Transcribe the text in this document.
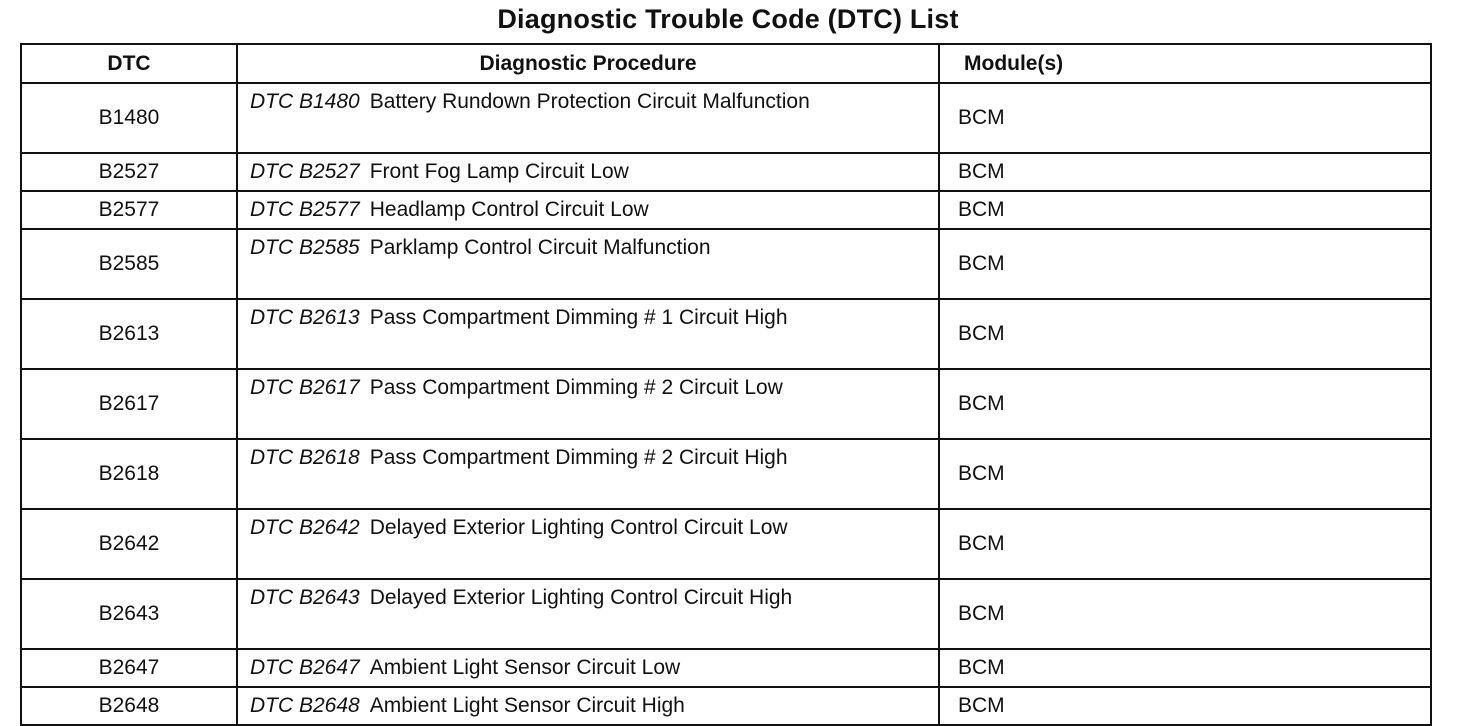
Diagnostic Trouble Code (DTC) List
DTC	Diagnostic Procedure	Module(s)
B1480	DTC B1480 Battery Rundown Protection Circuit Malfunction	BCM
B2527	DTC B2527 Front Fog Lamp Circuit Low	BCM
B2577	DTC B2577 Headlamp Control Circuit Low	BCM
B2585	DTC B2585 Parklamp Control Circuit Malfunction	BCM
B2613	DTC B2613 Pass Compartment Dimming # 1 Circuit High	BCM
B2617	DTC B2617 Pass Compartment Dimming # 2 Circuit Low	BCM
B2618	DTC B2618 Pass Compartment Dimming # 2 Circuit High	BCM
B2642	DTC B2642 Delayed Exterior Lighting Control Circuit Low	BCM
B2643	DTC B2643 Delayed Exterior Lighting Control Circuit High	BCM
B2647	DTC B2647 Ambient Light Sensor Circuit Low	BCM
B2648	DTC B2648 Ambient Light Sensor Circuit High	BCM
